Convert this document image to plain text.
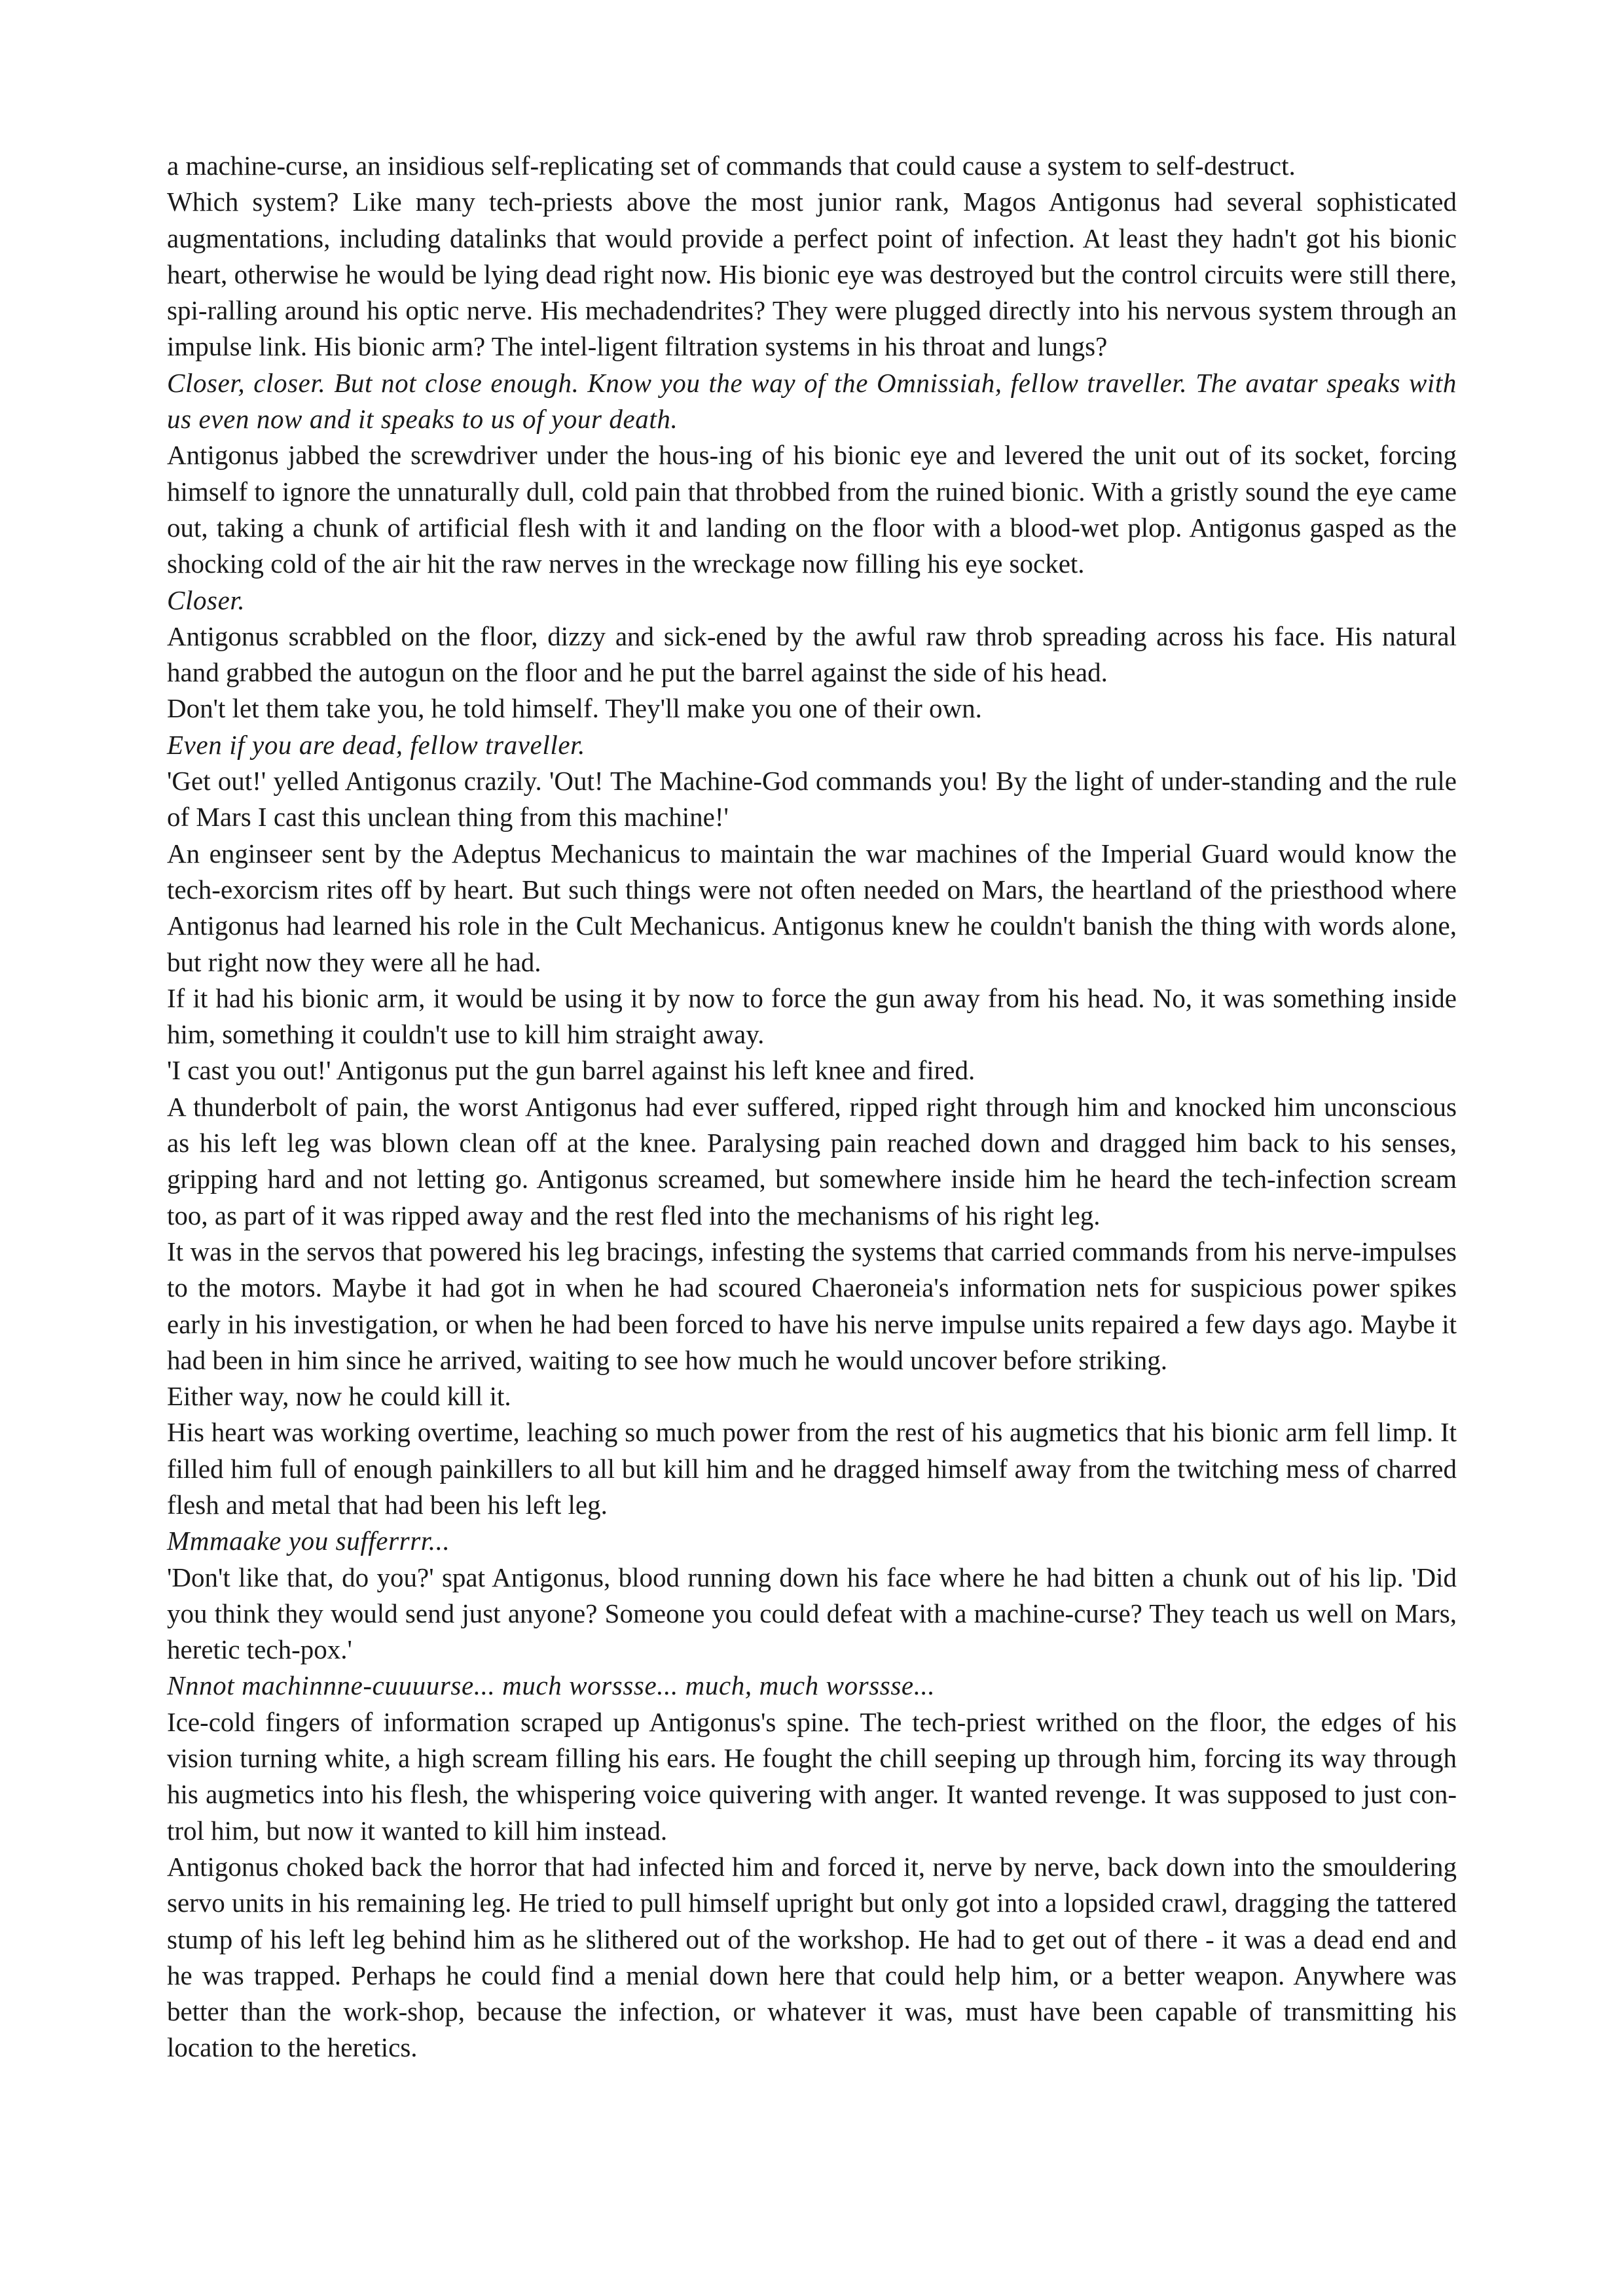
a machine-curse, an insidious self-replicating set of commands that could cause a system to self-destruct.

Which system? Like many tech-priests above the most junior rank, Magos Antigonus had several sophisticated augmentations, including datalinks that would provide a perfect point of infection. At least they hadn't got his bionic heart, otherwise he would be lying dead right now. His bionic eye was destroyed but the control circuits were still there, spi-ralling around his optic nerve. His mechadendrites? They were plugged directly into his nervous system through an impulse link. His bionic arm? The intel-ligent filtration systems in his throat and lungs?

Closer, closer. But not close enough. Know you the way of the Omnissiah, fellow traveller. The avatar speaks with us even now and it speaks to us of your death.

Antigonus jabbed the screwdriver under the hous-ing of his bionic eye and levered the unit out of its socket, forcing himself to ignore the unnaturally dull, cold pain that throbbed from the ruined bionic. With a gristly sound the eye came out, taking a chunk of artificial flesh with it and landing on the floor with a blood-wet plop. Antigonus gasped as the shocking cold of the air hit the raw nerves in the wreckage now filling his eye socket.

Closer.

Antigonus scrabbled on the floor, dizzy and sick-ened by the awful raw throb spreading across his face. His natural hand grabbed the autogun on the floor and he put the barrel against the side of his head.

Don't let them take you, he told himself. They'll make you one of their own.

Even if you are dead, fellow traveller.

'Get out!' yelled Antigonus crazily. 'Out! The Machine-God commands you! By the light of under-standing and the rule of Mars I cast this unclean thing from this machine!'

An enginseer sent by the Adeptus Mechanicus to maintain the war machines of the Imperial Guard would know the tech-exorcism rites off by heart. But such things were not often needed on Mars, the heartland of the priesthood where Antigonus had learned his role in the Cult Mechanicus. Antigonus knew he couldn't banish the thing with words alone, but right now they were all he had.

If it had his bionic arm, it would be using it by now to force the gun away from his head. No, it was something inside him, something it couldn't use to kill him straight away.

'I cast you out!' Antigonus put the gun barrel against his left knee and fired.

A thunderbolt of pain, the worst Antigonus had ever suffered, ripped right through him and knocked him unconscious as his left leg was blown clean off at the knee. Paralysing pain reached down and dragged him back to his senses, gripping hard and not letting go. Antigonus screamed, but somewhere inside him he heard the tech-infection scream too, as part of it was ripped away and the rest fled into the mechanisms of his right leg.

It was in the servos that powered his leg bracings, infesting the systems that carried commands from his nerve-impulses to the motors. Maybe it had got in when he had scoured Chaeroneia's information nets for suspicious power spikes early in his investigation, or when he had been forced to have his nerve impulse units repaired a few days ago. Maybe it had been in him since he arrived, waiting to see how much he would uncover before striking.

Either way, now he could kill it.

His heart was working overtime, leaching so much power from the rest of his augmetics that his bionic arm fell limp. It filled him full of enough painkillers to all but kill him and he dragged himself away from the twitching mess of charred flesh and metal that had been his left leg.

Mmmaake you sufferrrr...

'Don't like that, do you?' spat Antigonus, blood running down his face where he had bitten a chunk out of his lip. 'Did you think they would send just anyone? Someone you could defeat with a machine-curse? They teach us well on Mars, heretic tech-pox.'

Nnnot machinnne-cuuuurse... much worssse... much, much worssse...

Ice-cold fingers of information scraped up Antigonus's spine. The tech-priest writhed on the floor, the edges of his vision turning white, a high scream filling his ears. He fought the chill seeping up through him, forcing its way through his augmetics into his flesh, the whispering voice quivering with anger. It wanted revenge. It was supposed to just con-trol him, but now it wanted to kill him instead.

Antigonus choked back the horror that had infected him and forced it, nerve by nerve, back down into the smouldering servo units in his remaining leg. He tried to pull himself upright but only got into a lopsided crawl, dragging the tattered stump of his left leg behind him as he slithered out of the workshop. He had to get out of there - it was a dead end and he was trapped. Perhaps he could find a menial down here that could help him, or a better weapon. Anywhere was better than the work-shop, because the infection, or whatever it was, must have been capable of transmitting his location to the heretics.
